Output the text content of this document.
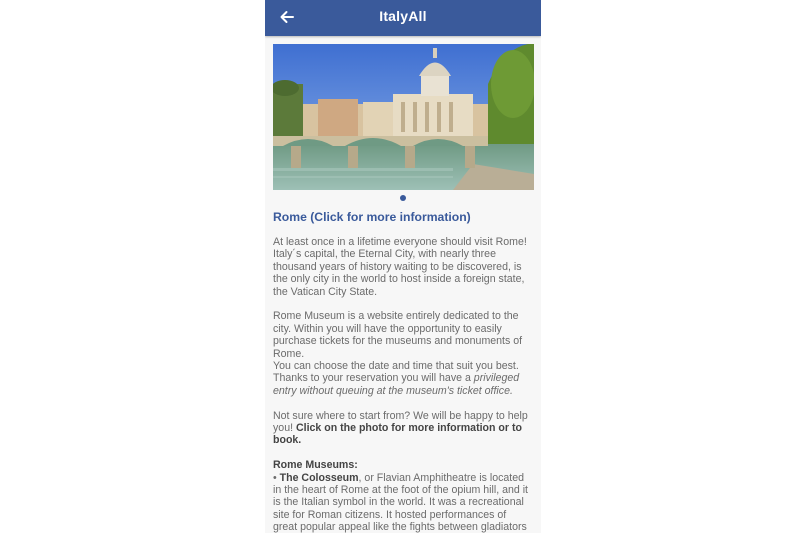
ItalyAll
Rome (Click for more information)

At least once in a lifetime everyone should visit Rome! Italy´s capital, the Eternal City, with nearly three thousand years of history waiting to be discovered, is the only city in the world to host inside a foreign state, the Vatican City State.

Rome Museum is a website entirely dedicated to the city. Within you will have the opportunity to easily purchase tickets for the museums and monuments of Rome.

You can choose the date and time that suit you best. Thanks to your reservation you will have a privileged entry without queuing at the museum's ticket office.

Not sure where to start from? We will be happy to help you! Click on the photo for more information or to book.

Rome Museums:

• The Colosseum, or Flavian Amphitheatre is located in the heart of Rome at the foot of the opium hill, and it is the Italian symbol in the world. It was a recreational site for Roman citizens. It hosted performances of great popular appeal like the fights between gladiators
